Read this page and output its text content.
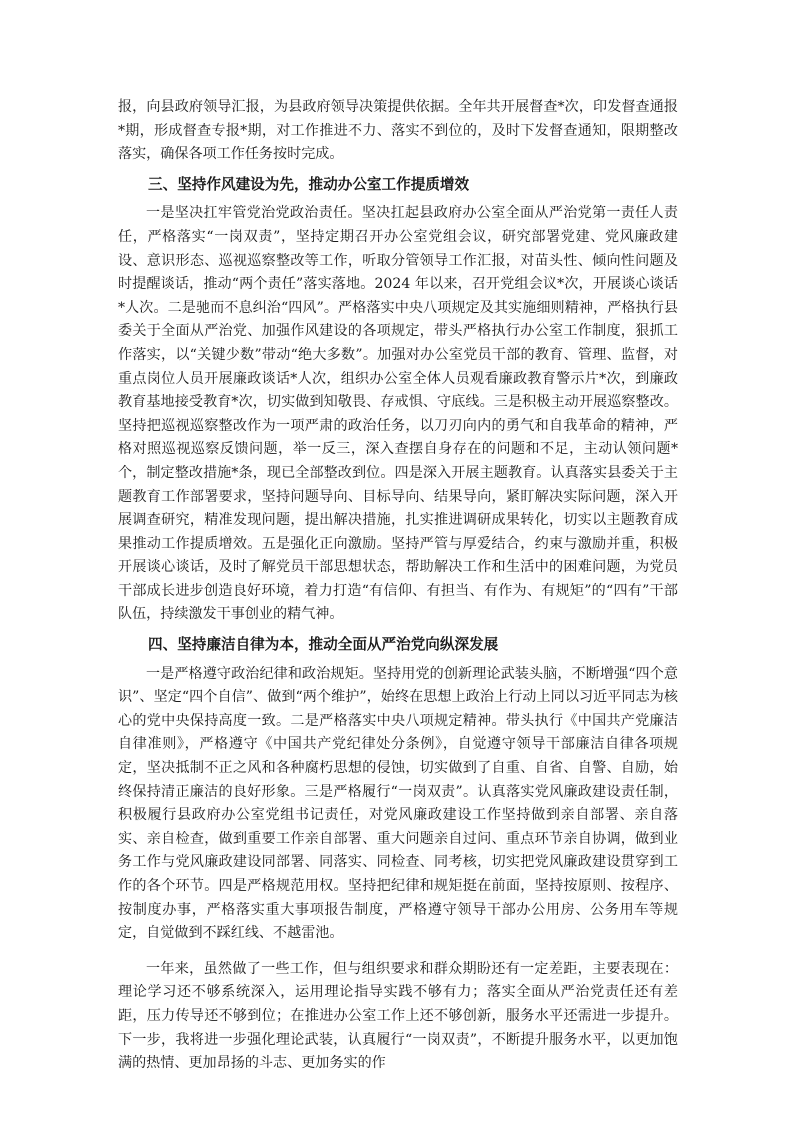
报，向县政府领导汇报，为县政府领导决策提供依据。全年共开展督查*次，印发督查通报*期，形成督查专报*期，对工作推进不力、落实不到位的，及时下发督查通知，限期整改落实，确保各项工作任务按时完成。

三、坚持作风建设为先，推动办公室工作提质增效

一是坚决扛牢管党治党政治责任。坚决扛起县政府办公室全面从严治党第一责任人责任，严格落实“一岗双责”，坚持定期召开办公室党组会议，研究部署党建、党风廉政建设、意识形态、巡视巡察整改等工作，听取分管领导工作汇报，对苗头性、倾向性问题及时提醒谈话，推动“两个责任”落实落地。2024 年以来，召开党组会议*次，开展谈心谈话*人次。二是驰而不息纠治“四风”。严格落实中央八项规定及其实施细则精神，严格执行县委关于全面从严治党、加强作风建设的各项规定，带头严格执行办公室工作制度，狠抓工作落实，以“关键少数”带动“绝大多数”。加强对办公室党员干部的教育、管理、监督，对重点岗位人员开展廉政谈话*人次，组织办公室全体人员观看廉政教育警示片*次，到廉政教育基地接受教育*次，切实做到知敬畏、存戒惧、守底线。三是积极主动开展巡察整改。坚持把巡视巡察整改作为一项严肃的政治任务，以刀刃向内的勇气和自我革命的精神，严格对照巡视巡察反馈问题，举一反三，深入查摆自身存在的问题和不足，主动认领问题*个，制定整改措施*条，现已全部整改到位。四是深入开展主题教育。认真落实县委关于主题教育工作部署要求，坚持问题导向、目标导向、结果导向，紧盯解决实际问题，深入开展调查研究，精准发现问题，提出解决措施，扎实推进调研成果转化，切实以主题教育成果推动工作提质增效。五是强化正向激励。坚持严管与厚爱结合，约束与激励并重，积极开展谈心谈话，及时了解党员干部思想状态，帮助解决工作和生活中的困难问题，为党员干部成长进步创造良好环境，着力打造“有信仰、有担当、有作为、有规矩”的“四有”干部队伍，持续激发干事创业的精气神。

四、坚持廉洁自律为本，推动全面从严治党向纵深发展

一是严格遵守政治纪律和政治规矩。坚持用党的创新理论武装头脑，不断增强“四个意识”、坚定“四个自信”、做到“两个维护”，始终在思想上政治上行动上同以习近平同志为核心的党中央保持高度一致。二是严格落实中央八项规定精神。带头执行《中国共产党廉洁自律准则》，严格遵守《中国共产党纪律处分条例》，自觉遵守领导干部廉洁自律各项规定，坚决抵制不正之风和各种腐朽思想的侵蚀，切实做到了自重、自省、自警、自励，始终保持清正廉洁的良好形象。三是严格履行“一岗双责”。认真落实党风廉政建设责任制，积极履行县政府办公室党组书记责任，对党风廉政建设工作坚持做到亲自部署、亲自落实、亲自检查，做到重要工作亲自部署、重大问题亲自过问、重点环节亲自协调，做到业务工作与党风廉政建设同部署、同落实、同检查、同考核，切实把党风廉政建设贯穿到工作的各个环节。四是严格规范用权。坚持把纪律和规矩挺在前面，坚持按原则、按程序、按制度办事，严格落实重大事项报告制度，严格遵守领导干部办公用房、公务用车等规定，自觉做到不踩红线、不越雷池。

一年来，虽然做了一些工作，但与组织要求和群众期盼还有一定差距，主要表现在：理论学习还不够系统深入，运用理论指导实践不够有力；落实全面从严治党责任还有差距，压力传导还不够到位；在推进办公室工作上还不够创新，服务水平还需进一步提升。下一步，我将进一步强化理论武装，认真履行“一岗双责”，不断提升服务水平，以更加饱满的热情、更加昂扬的斗志、更加务实的作
